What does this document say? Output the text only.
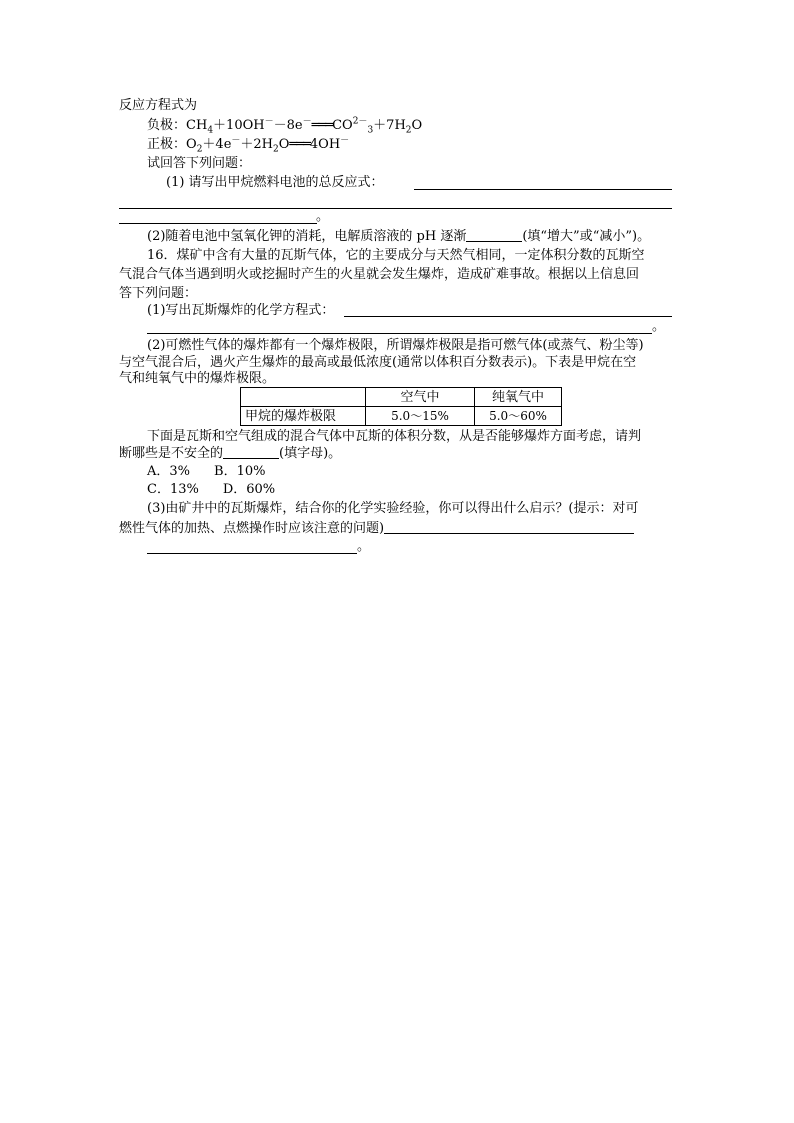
反应方程式为
负极：$CH_4+10OH^--8e^-═══CO^{2-}_3+7H_2O$
正极：$O_2+4e^-+2H_2O═══4OH^-$
试回答下列问题：
(1) 请写出甲烷燃料电池的总反应式：
。
(2)随着电池中氢氧化钾的消耗，电解质溶液的 pH 逐渐	(填“增大”或“减小”)。
16．煤矿中含有大量的瓦斯气体，它的主要成分与天然气相同，一定体积分数的瓦斯空
气混合气体当遇到明火或挖掘时产生的火星就会发生爆炸，造成矿难事故。根据以上信息回
答下列问题：
(1)写出瓦斯爆炸的化学方程式：
。
(2)可燃性气体的爆炸都有一个爆炸极限，所谓爆炸极限是指可燃气体(或蒸气、粉尘等)
与空气混合后，遇火产生爆炸的最高或最低浓度(通常以体积百分数表示)。下表是甲烷在空
气和纯氧气中的爆炸极限。
	空气中	纯氧气中
甲烷的爆炸极限	5.0～15%	5.0～60%
下面是瓦斯和空气组成的混合气体中瓦斯的体积分数，从是否能够爆炸方面考虑，请判
断哪些是不安全的	(填字母)。
A．3% B．10%
C．13% D．60%
(3)由矿井中的瓦斯爆炸，结合你的化学实验经验，你可以得出什么启示？(提示：对可
燃性气体的加热、点燃操作时应该注意的问题)
。
